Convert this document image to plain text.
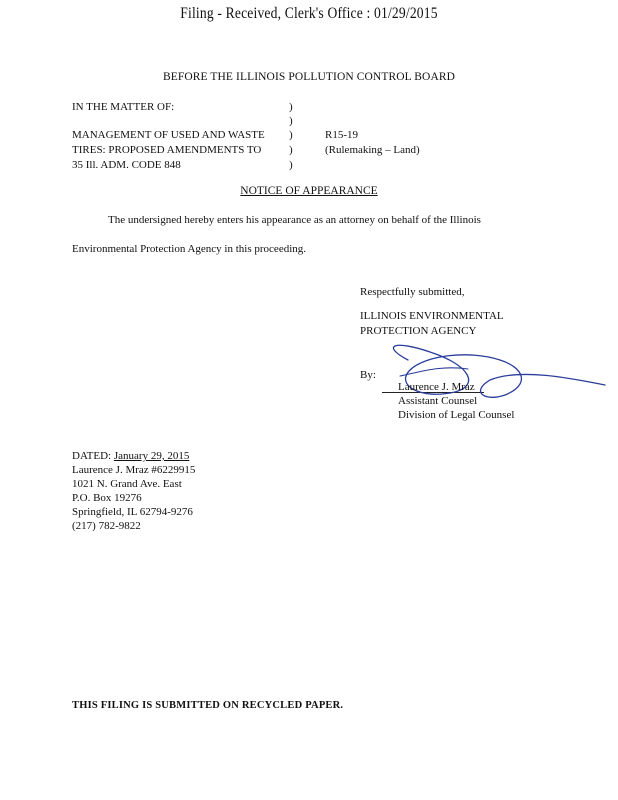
Filing - Received, Clerk's Office : 01/29/2015
BEFORE THE ILLINOIS POLLUTION CONTROL BOARD
IN THE MATTER OF:
MANAGEMENT OF USED AND WASTE
TIRES: PROPOSED AMENDMENTS TO
35 Ill. ADM. CODE 848
)
)
)
)
)
R15-19
(Rulemaking – Land)
NOTICE OF APPEARANCE
The undersigned hereby enters his appearance as an attorney on behalf of the Illinois
Environmental Protection Agency in this proceeding.
Respectfully submitted,
ILLINOIS ENVIRONMENTAL
PROTECTION AGENCY
By:
Laurence J. Mraz
Assistant Counsel
Division of Legal Counsel
DATED: January 29, 2015
Laurence J. Mraz #6229915
1021 N. Grand Ave. East
P.O. Box 19276
Springfield, IL 62794-9276
(217) 782-9822
THIS FILING IS SUBMITTED ON RECYCLED PAPER.
